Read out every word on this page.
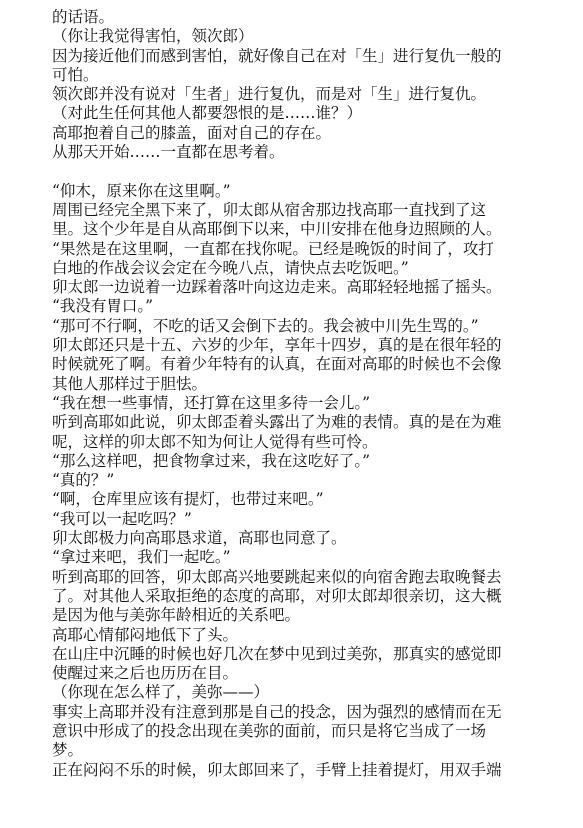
的话语。
（你让我觉得害怕，领次郎）
因为接近他们而感到害怕，就好像自己在对「生」进行复仇一般的
可怕。
领次郎并没有说对「生者」进行复仇，而是对「生」进行复仇。
（对此生任何其他人都要怨恨的是……谁？）
高耶抱着自己的膝盖，面对自己的存在。
从那天开始……一直都在思考着。
“仰木，原来你在这里啊。”
周围已经完全黑下来了，卯太郎从宿舍那边找高耶一直找到了这
里。这个少年是自从高耶倒下以来，中川安排在他身边照顾的人。
“果然是在这里啊，一直都在找你呢。已经是晚饭的时间了，攻打
白地的作战会议会定在今晚八点，请快点去吃饭吧。”
卯太郎一边说着一边踩着落叶向这边走来。高耶轻轻地摇了摇头。
“我没有胃口。”
“那可不行啊，不吃的话又会倒下去的。我会被中川先生骂的。”
卯太郎还只是十五、六岁的少年，享年十四岁，真的是在很年轻的
时候就死了啊。有着少年特有的认真，在面对高耶的时候也不会像
其他人那样过于胆怯。
“我在想一些事情，还打算在这里多待一会儿。”
听到高耶如此说，卯太郎歪着头露出了为难的表情。真的是在为难
呢，这样的卯太郎不知为何让人觉得有些可怜。
“那么这样吧，把食物拿过来，我在这吃好了。”
“真的？”
“啊，仓库里应该有提灯，也带过来吧。”
“我可以一起吃吗？”
卯太郎极力向高耶恳求道，高耶也同意了。
“拿过来吧，我们一起吃。”
听到高耶的回答，卯太郎高兴地要跳起来似的向宿舍跑去取晚餐去
了。对其他人采取拒绝的态度的高耶，对卯太郎却很亲切，这大概
是因为他与美弥年龄相近的关系吧。
高耶心情郁闷地低下了头。
在山庄中沉睡的时候也好几次在梦中见到过美弥，那真实的感觉即
使醒过来之后也历历在目。
（你现在怎么样了，美弥——）
事实上高耶并没有注意到那是自己的投念，因为强烈的感情而在无
意识中形成了的投念出现在美弥的面前，而只是将它当成了一场
梦。
正在闷闷不乐的时候，卯太郎回来了，手臂上挂着提灯，用双手端
